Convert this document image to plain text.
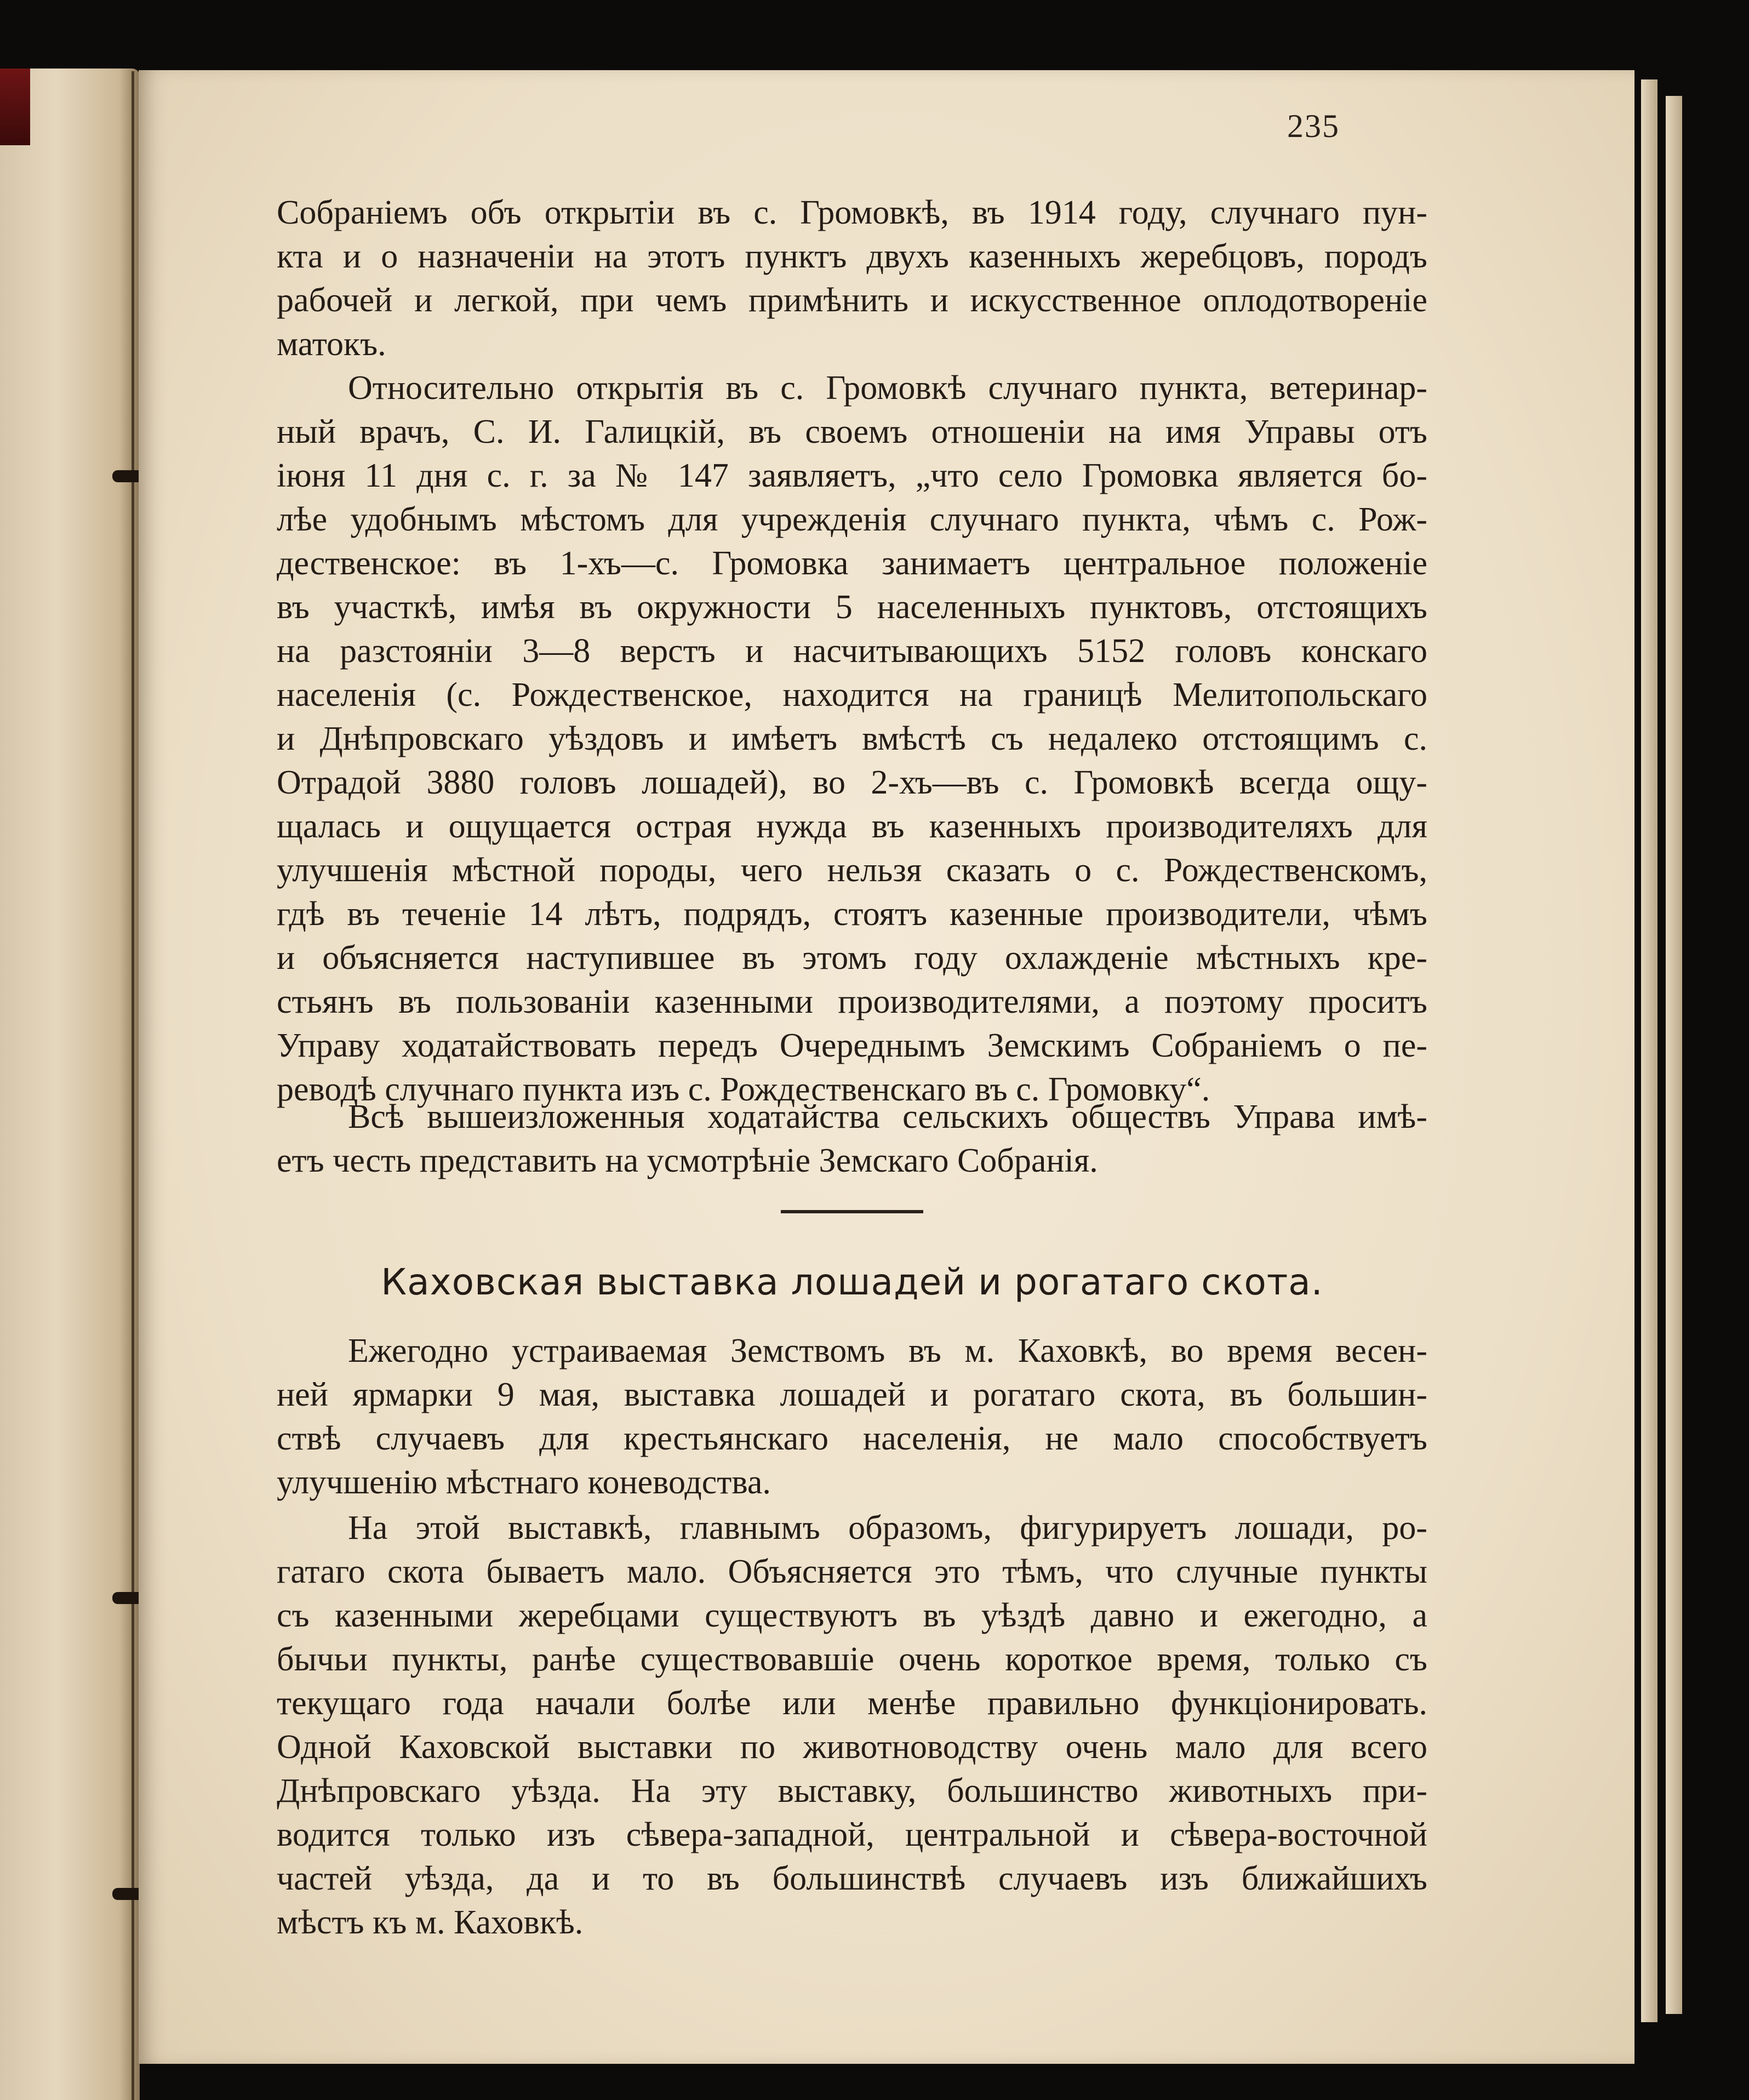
235
Собраніемъ объ открытіи въ с. Громовкѣ, въ 1914 году, случнаго пун-
кта и о назначеніи на этотъ пунктъ двухъ казенныхъ жеребцовъ, породъ
рабочей и легкой, при чемъ примѣнить и искусственное оплодотвореніе
матокъ.
Относительно открытія въ с. Громовкѣ случнаго пункта, ветеринар-
ный врачъ, С. И. Галицкій, въ своемъ отношеніи на имя Управы отъ
іюня 11 дня с. г. за № 147 заявляетъ, „что село Громовка является бо-
лѣе удобнымъ мѣстомъ для учрежденія случнаго пункта, чѣмъ с. Рож-
дественское: въ 1-хъ—с. Громовка занимаетъ центральное положеніе
въ участкѣ, имѣя въ окружности 5 населенныхъ пунктовъ, отстоящихъ
на разстояніи 3—8 верстъ и насчитывающихъ 5152 головъ конскаго
населенія (с. Рождественское, находится на границѣ Мелитопольскаго
и Днѣпровскаго уѣздовъ и имѣетъ вмѣстѣ съ недалеко отстоящимъ с.
Отрадой 3880 головъ лошадей), во 2-хъ—въ с. Громовкѣ всегда ощу-
щалась и ощущается острая нужда въ казенныхъ производителяхъ для
улучшенія мѣстной породы, чего нельзя сказать о с. Рождественскомъ,
гдѣ въ теченіе 14 лѣтъ, подрядъ, стоятъ казенные производители, чѣмъ
и объясняется наступившее въ этомъ году охлажденіе мѣстныхъ кре-
стьянъ въ пользованіи казенными производителями, а поэтому проситъ
Управу ходатайствовать передъ Очереднымъ Земскимъ Собраніемъ о пе-
реводѣ случнаго пункта изъ с. Рождественскаго въ с. Громовку“.
Всѣ вышеизложенныя ходатайства сельскихъ обществъ Управа имѣ-
етъ честь представить на усмотрѣніе Земскаго Собранія.
Каховская выставка лошадей и рогатаго скота.
Ежегодно устраиваемая Земствомъ въ м. Каховкѣ, во время весен-
ней ярмарки 9 мая, выставка лошадей и рогатаго скота, въ большин-
ствѣ случаевъ для крестьянскаго населенія, не мало способствуетъ
улучшенію мѣстнаго коневодства.
На этой выставкѣ, главнымъ образомъ, фигурируетъ лошади, ро-
гатаго скота бываетъ мало. Объясняется это тѣмъ, что случные пункты
съ казенными жеребцами существуютъ въ уѣздѣ давно и ежегодно, а
бычьи пункты, ранѣе существовавшіе очень короткое время, только съ
текущаго года начали болѣе или менѣе правильно функціонировать.
Одной Каховской выставки по животноводству очень мало для всего
Днѣпровскаго уѣзда. На эту выставку, большинство животныхъ при-
водится только изъ сѣвера-западной, центральной и сѣвера-восточной
частей уѣзда, да и то въ большинствѣ случаевъ изъ ближайшихъ
мѣстъ къ м. Каховкѣ.
